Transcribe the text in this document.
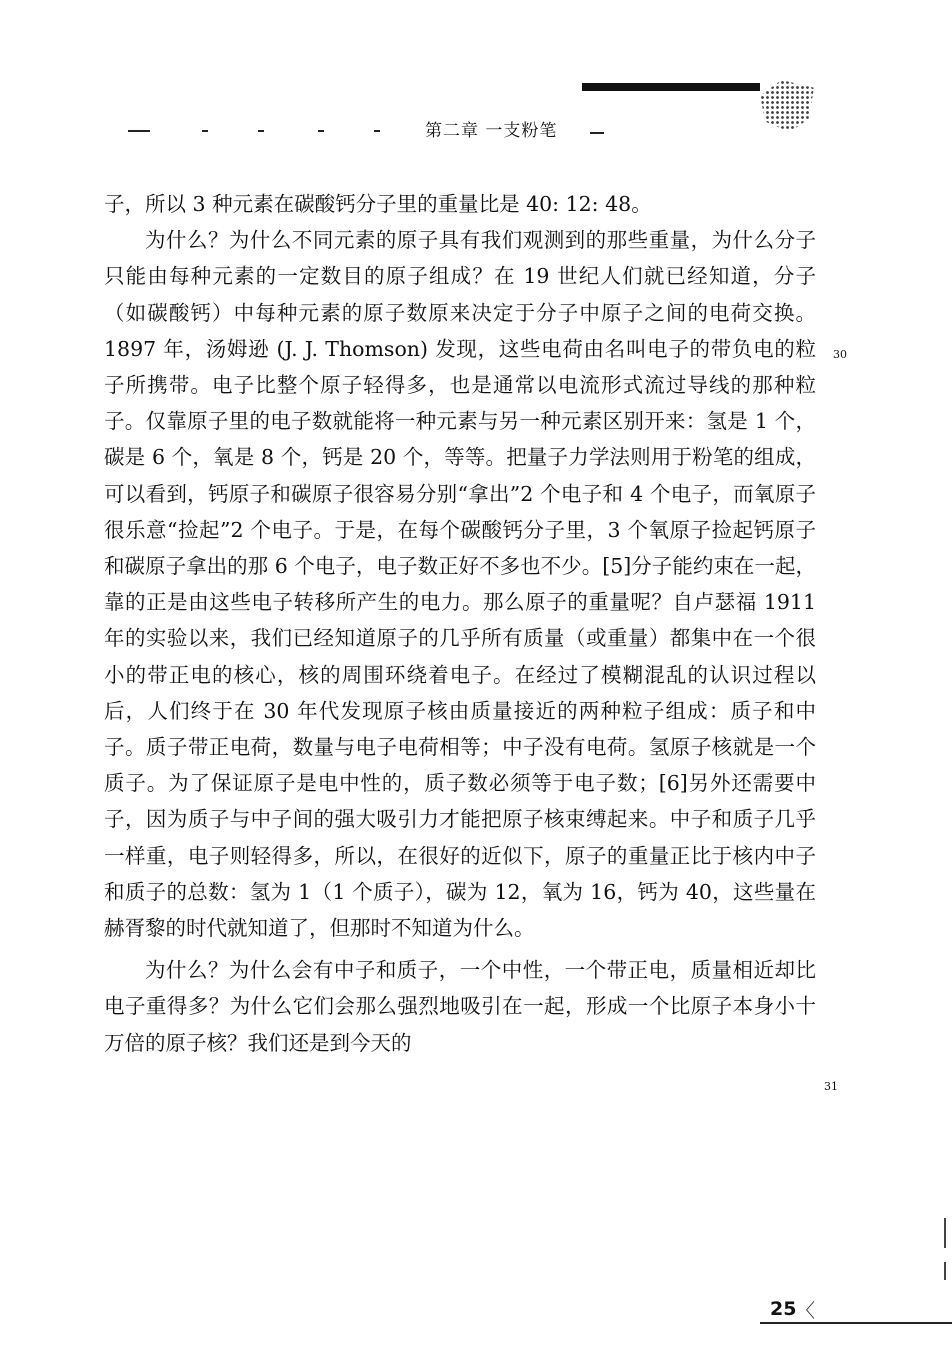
第二章 一支粉笔

子，所以 3 种元素在碳酸钙分子里的重量比是 40: 12: 48。

为什么？为什么不同元素的原子具有我们观测到的那些重量，为什么分子只能由每种元素的一定数目的原子组成？在 19 世纪人们就已经知道，分子（如碳酸钙）中每种元素的原子数原来决定于分子中原子之间的电荷交换。1897 年，汤姆逊 (J. J. Thomson) 发现，这些电荷由名叫电子的带负电的粒子所携带。电子比整个原子轻得多，也是通常以电流形式流过导线的那种粒子。仅靠原子里的电子数就能将一种元素与另一种元素区别开来：氢是 1 个，碳是 6 个，氧是 8 个，钙是 20 个，等等。把量子力学法则用于粉笔的组成，可以看到，钙原子和碳原子很容易分别“拿出”2 个电子和 4 个电子，而氧原子很乐意“捡起”2 个电子。于是，在每个碳酸钙分子里，3 个氧原子捡起钙原子和碳原子拿出的那 6 个电子，电子数正好不多也不少。[5]分子能约束在一起，靠的正是由这些电子转移所产生的电力。那么原子的重量呢？自卢瑟福 1911 年的实验以来，我们已经知道原子的几乎所有质量（或重量）都集中在一个很小的带正电的核心，核的周围环绕着电子。在经过了模糊混乱的认识过程以后，人们终于在 30 年代发现原子核由质量接近的两种粒子组成：质子和中子。质子带正电荷，数量与电子电荷相等；中子没有电荷。氢原子核就是一个质子。为了保证原子是电中性的，质子数必须等于电子数；[6]另外还需要中子，因为质子与中子间的强大吸引力才能把原子核束缚起来。中子和质子几乎一样重，电子则轻得多，所以，在很好的近似下，原子的重量正比于核内中子和质子的总数：氢为 1（1 个质子），碳为 12，氧为 16，钙为 40，这些量在赫胥黎的时代就知道了，但那时不知道为什么。

为什么？为什么会有中子和质子，一个中性，一个带正电，质量相近却比电子重得多？为什么它们会那么强烈地吸引在一起，形成一个比原子本身小十万倍的原子核？我们还是到今天的

30
31
25 〈
